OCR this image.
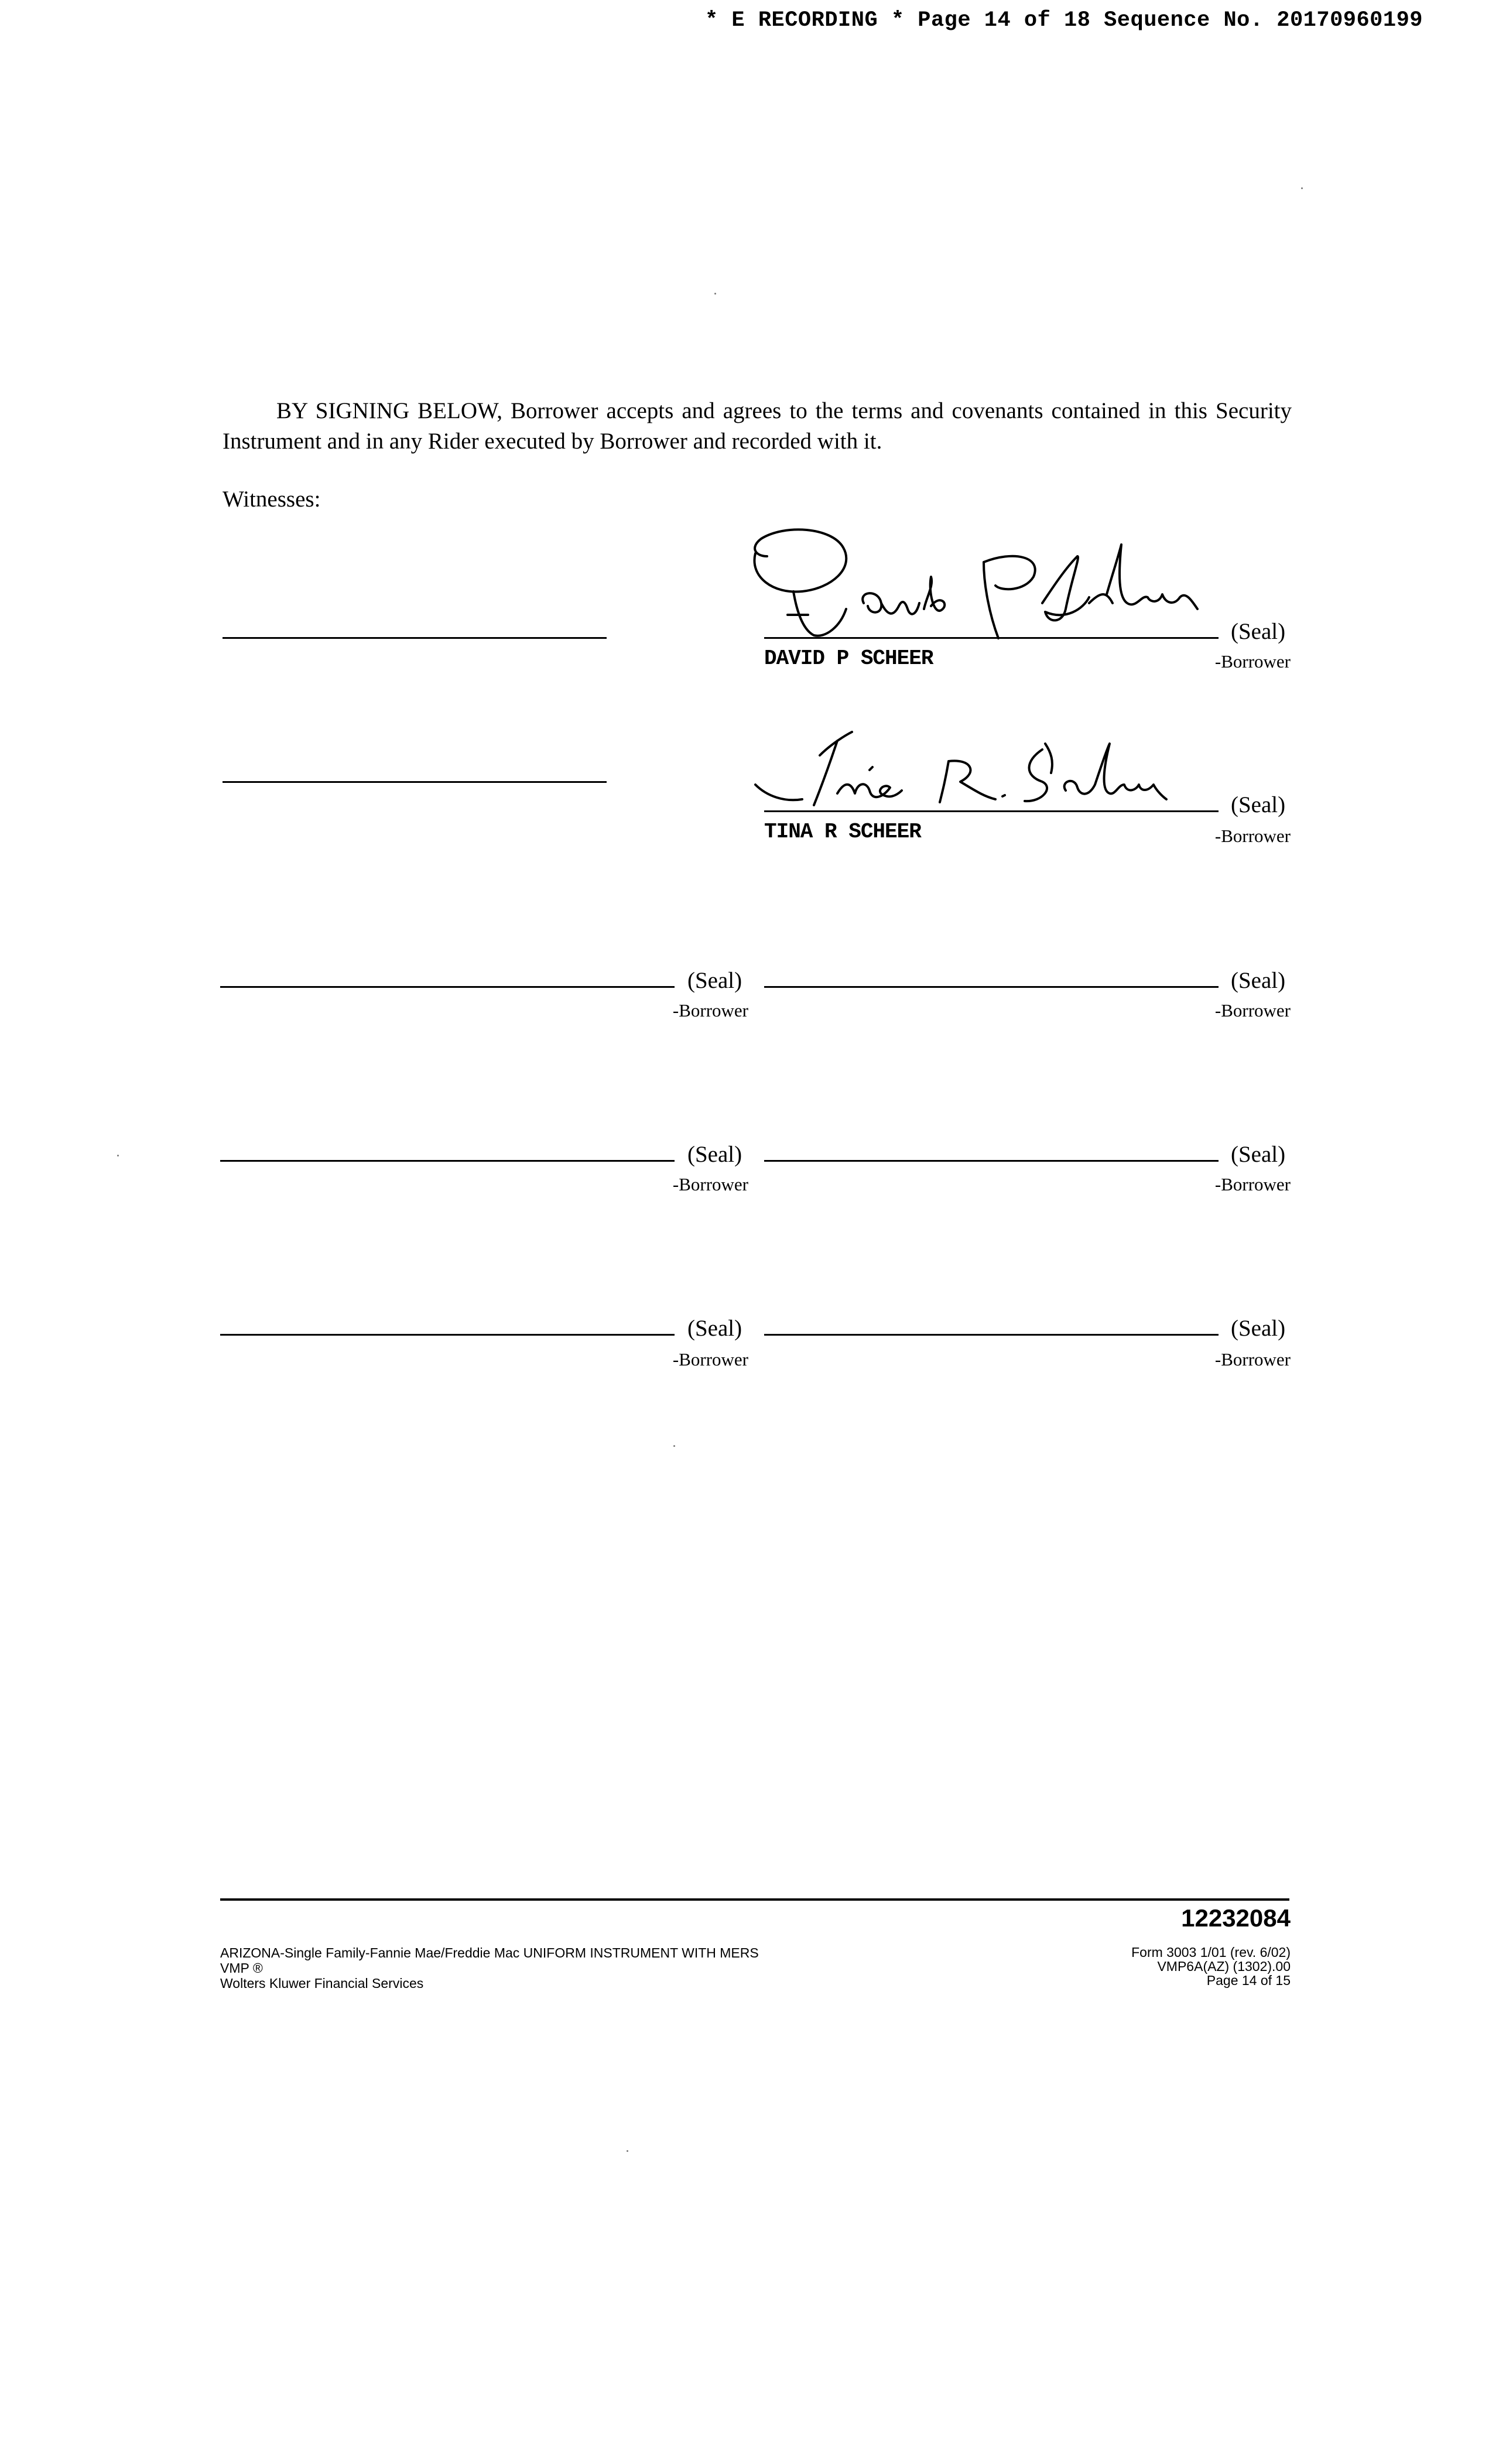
* E RECORDING * Page 14 of 18 Sequence No. 20170960199

BY SIGNING BELOW, Borrower accepts and agrees to the terms and covenants contained in this Security Instrument and in any Rider executed by Borrower and recorded with it.

Witnesses:
(Seal)
DAVID P SCHEER	-Borrower
(Seal)
TINA R SCHEER	-Borrower
(Seal)
-Borrower
(Seal)
-Borrower
(Seal)
-Borrower
(Seal)
-Borrower
(Seal)
-Borrower
(Seal)
-Borrower
12232084
ARIZONA-Single Family-Fannie Mae/Freddie Mac UNIFORM INSTRUMENT WITH MERS
VMP ®
Wolters Kluwer Financial Services
Form 3003 1/01 (rev. 6/02)
VMP6A(AZ) (1302).00
Page 14 of 15
